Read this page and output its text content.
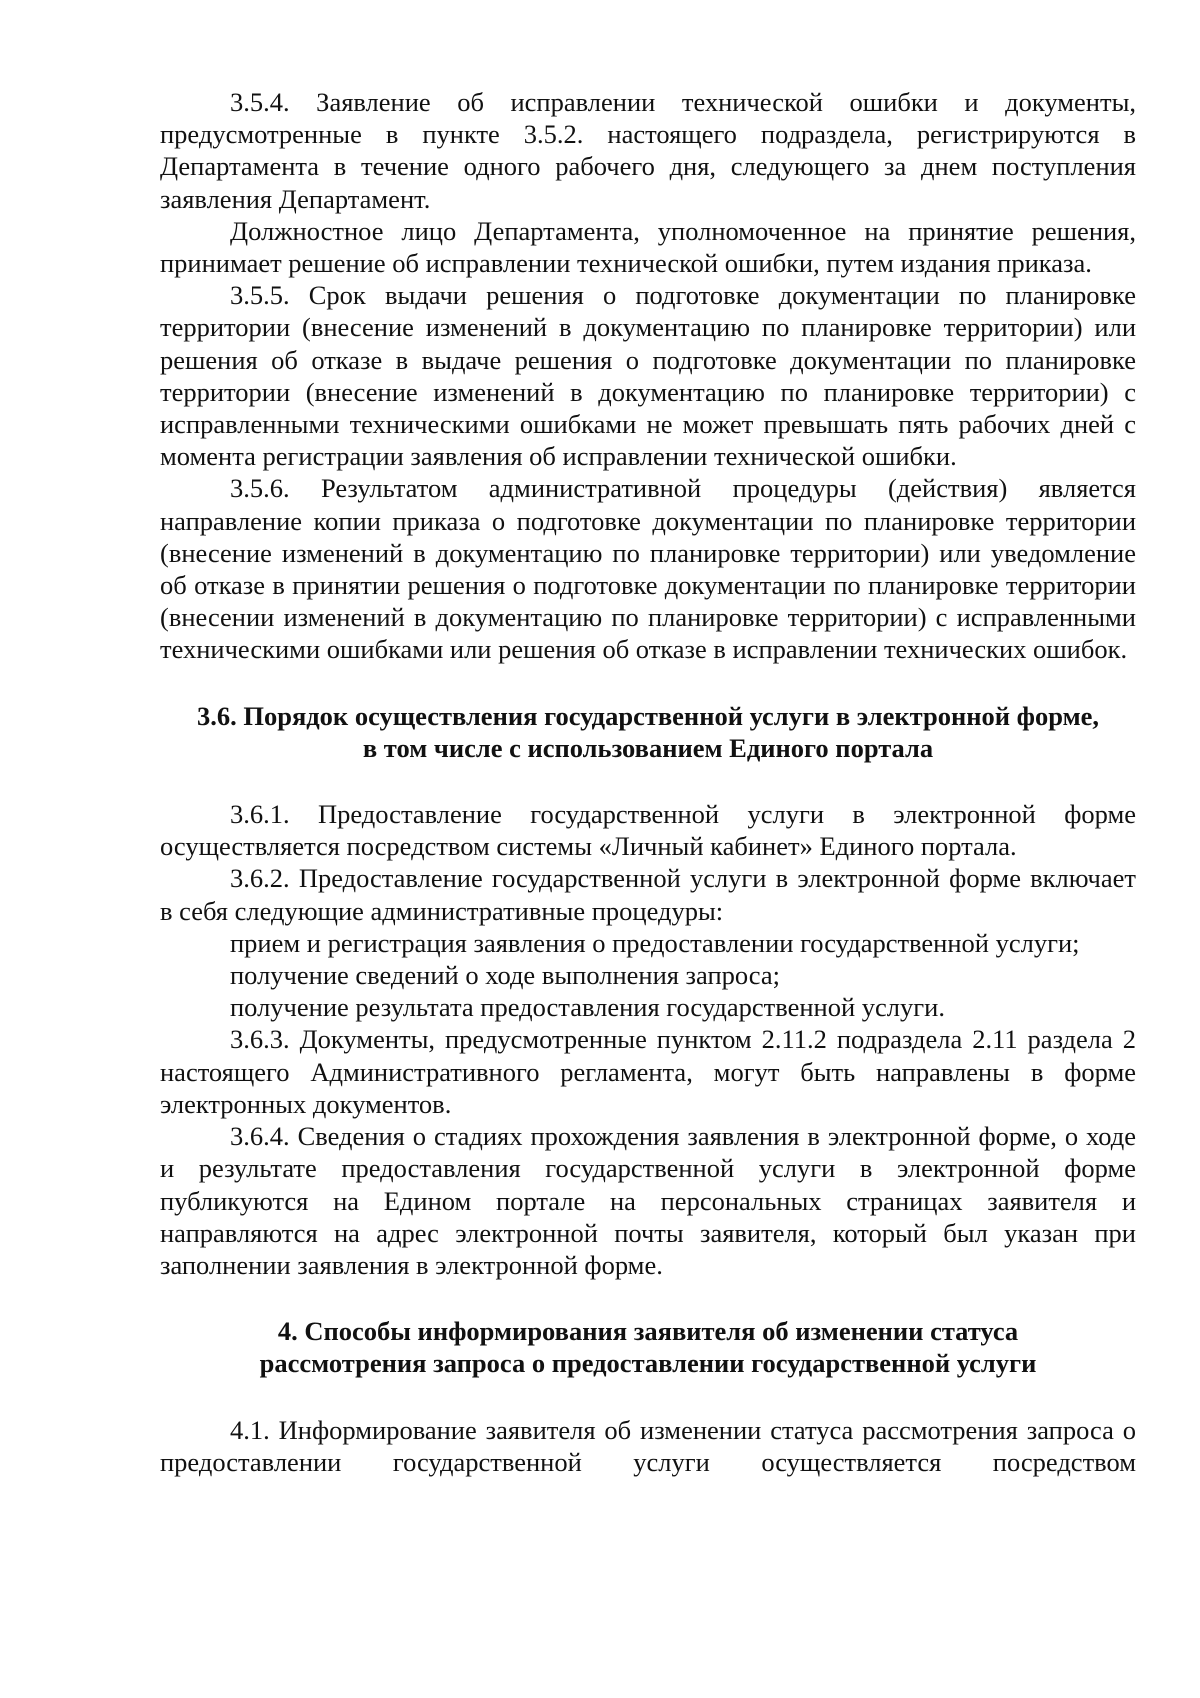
3.5.4. Заявление об исправлении технической ошибки и документы, предусмотренные в пункте 3.5.2. настоящего подраздела, регистрируются в Департамента в течение одного рабочего дня, следующего за днем поступления заявления Департамент.

Должностное лицо Департамента, уполномоченное на принятие решения, принимает решение об исправлении технической ошибки, путем издания приказа.

3.5.5. Срок выдачи решения о подготовке документации по планировке территории (внесение изменений в документацию по планировке территории) или решения об отказе в выдаче решения о подготовке документации по планировке территории (внесение изменений в документацию по планировке территории) с исправленными техническими ошибками не может превышать пять рабочих дней с момента регистрации заявления об исправлении технической ошибки.

3.5.6. Результатом административной процедуры (действия) является направление копии приказа о подготовке документации по планировке территории (внесение изменений в документацию по планировке территории) или уведомление об отказе в принятии решения о подготовке документации по планировке территории (внесении изменений в документацию по планировке территории) с исправленными техническими ошибками или решения об отказе в исправлении технических ошибок.

3.6. Порядок осуществления государственной услуги в электронной форме,
в том числе с использованием Единого портала

3.6.1. Предоставление государственной услуги в электронной форме осуществляется посредством системы «Личный кабинет» Единого портала.

3.6.2. Предоставление государственной услуги в электронной форме включает в себя следующие административные процедуры:

прием и регистрация заявления о предоставлении государственной услуги;

получение сведений о ходе выполнения запроса;

получение результата предоставления государственной услуги.

3.6.3. Документы, предусмотренные пунктом 2.11.2 подраздела 2.11 раздела 2 настоящего Административного регламента, могут быть направлены в форме электронных документов.

3.6.4. Сведения о стадиях прохождения заявления в электронной форме, о ходе и результате предоставления государственной услуги в электронной форме публикуются на Едином портале на персональных страницах заявителя и направляются на адрес электронной почты заявителя, который был указан при заполнении заявления в электронной форме.

4. Способы информирования заявителя об изменении статуса
рассмотрения запроса о предоставлении государственной услуги

4.1. Информирование заявителя об изменении статуса рассмотрения запроса о предоставлении государственной услуги осуществляется посредством
